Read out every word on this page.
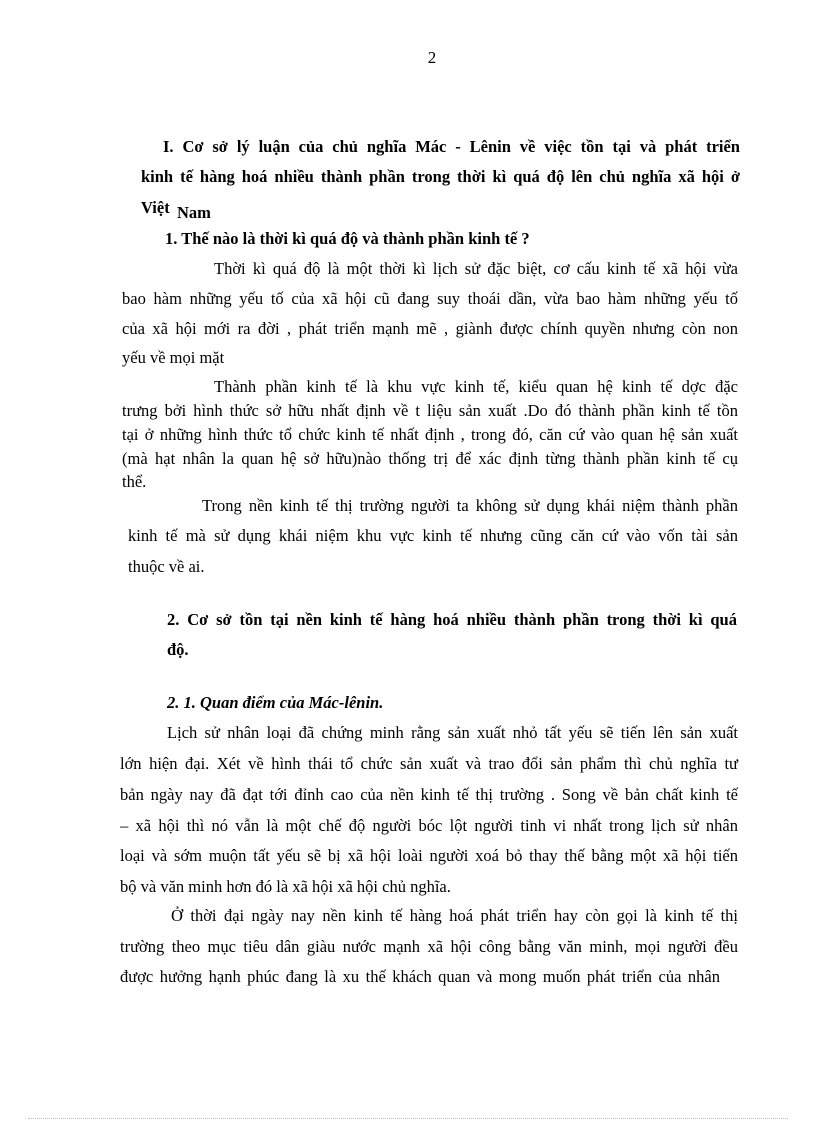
2
I. Cơ sở lý luận của chủ nghĩa Mác - Lênin về việc tồn tại và phát triển
kinh tế hàng hoá nhiều thành phần trong thời kì quá độ lên chủ nghĩa xã hội ở
Việt Nam
1. Thế nào là thời kì quá độ và thành phần kinh tế ?
Thời kì quá độ là một thời kì lịch sử đặc biệt, cơ cấu kinh tế xã hội vừa
bao hàm những yếu tố của xã hội cũ đang suy thoái dần, vừa bao hàm những yếu tố
của xã hội mới ra đời , phát triển mạnh mẽ , giành được chính quyền nhưng còn non
yếu về mọi mặt
Thành phần kinh tế là khu vực kinh tế, kiểu quan hệ kinh tế dợc đặc
trưng bởi hình thức sở hữu nhất định về t liệu sản xuất .Do đó thành phần kinh tế tồn
tại ở những hình thức tổ chức kinh tế nhất định , trong đó, căn cứ vào quan hệ sản xuất
(mà hạt nhân la quan hệ sở hữu)nào thống trị để xác định từng thành phần kinh tế cụ
thể.
Trong nền kinh tế thị trường người ta không sử dụng khái niệm thành phần
kinh tế mà sử dụng khái niệm khu vực kinh tế nhưng cũng căn cứ vào vốn tài sản
thuộc về ai.
2. Cơ sở tồn tại nền kinh tế hàng hoá nhiều thành phần trong thời kì quá
độ.
2. 1. Quan điểm của Mác-lênin.
Lịch sử nhân loại đã chứng minh rằng sản xuất nhỏ tất yếu sẽ tiến lên sản xuất
lớn hiện đại. Xét về hình thái tổ chức sản xuất và trao đổi sản phẩm thì chủ nghĩa tư
bản ngày nay đã đạt tới đỉnh cao của nền kinh tế thị trường . Song về bản chất kinh tế
– xã hội thì nó vẫn là một chế độ người bóc lột người tinh vi nhất trong lịch sử nhân
loại và sớm muộn tất yếu sẽ bị xã hội loài người xoá bỏ thay thế bằng một xã hội tiến
bộ và văn minh hơn đó là xã hội xã hội chủ nghĩa.
Ở thời đại ngày nay nền kinh tế hàng hoá phát triển hay còn gọi là kinh tế thị
trường theo mục tiêu dân giàu nước mạnh xã hội công bằng văn minh, mọi người đều
được hưởng hạnh phúc đang là xu thế khách quan và mong muốn phát triển của nhân
